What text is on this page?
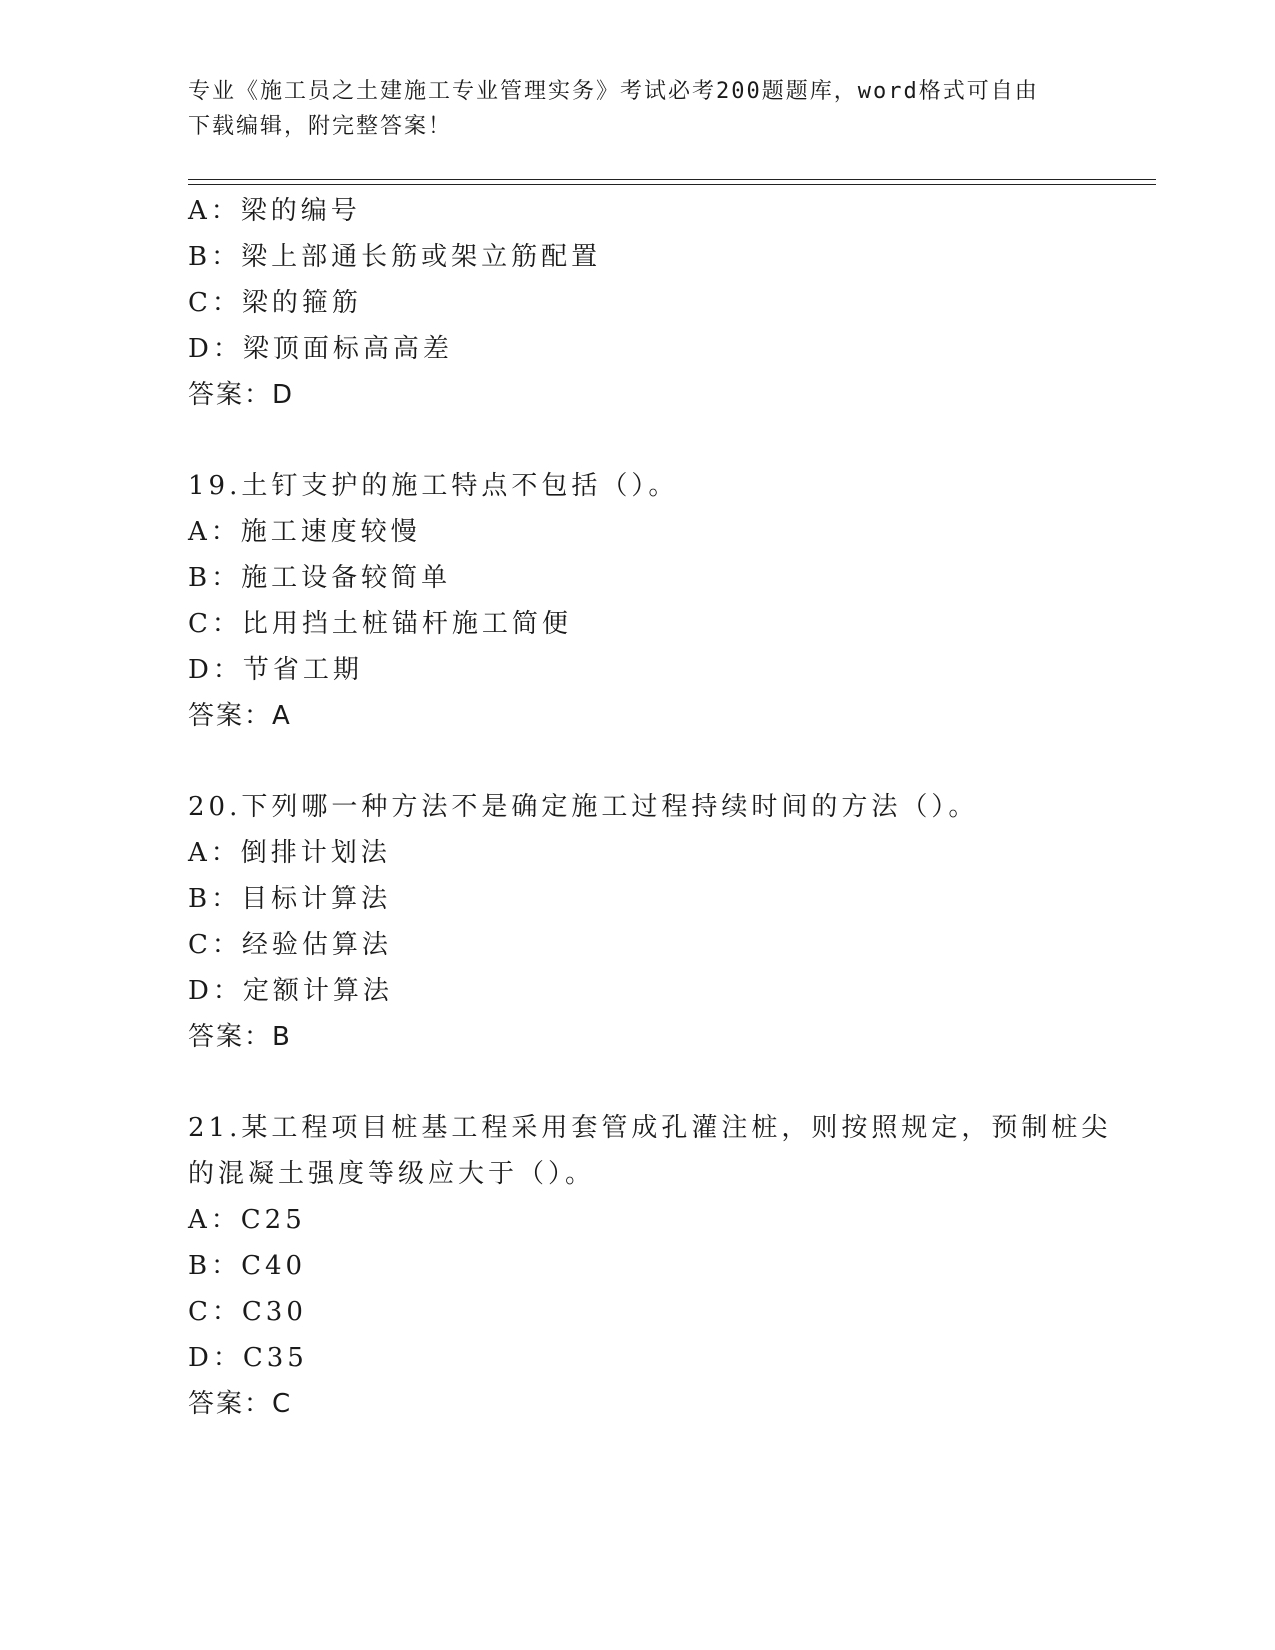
专业《施工员之土建施工专业管理实务》考试必考200题题库，word格式可自由
下载编辑，附完整答案！
A：梁的编号
B：梁上部通长筋或架立筋配置
C：梁的箍筋
D：梁顶面标高高差
答案：D
19.土钉支护的施工特点不包括（）。
A：施工速度较慢
B：施工设备较简单
C：比用挡土桩锚杆施工简便
D：节省工期
答案：A
20.下列哪一种方法不是确定施工过程持续时间的方法（）。
A：倒排计划法
B：目标计算法
C：经验估算法
D：定额计算法
答案：B
21.某工程项目桩基工程采用套管成孔灌注桩，则按照规定，预制桩尖
的混凝土强度等级应大于（）。
A：C25
B：C40
C：C30
D：C35
答案：C
